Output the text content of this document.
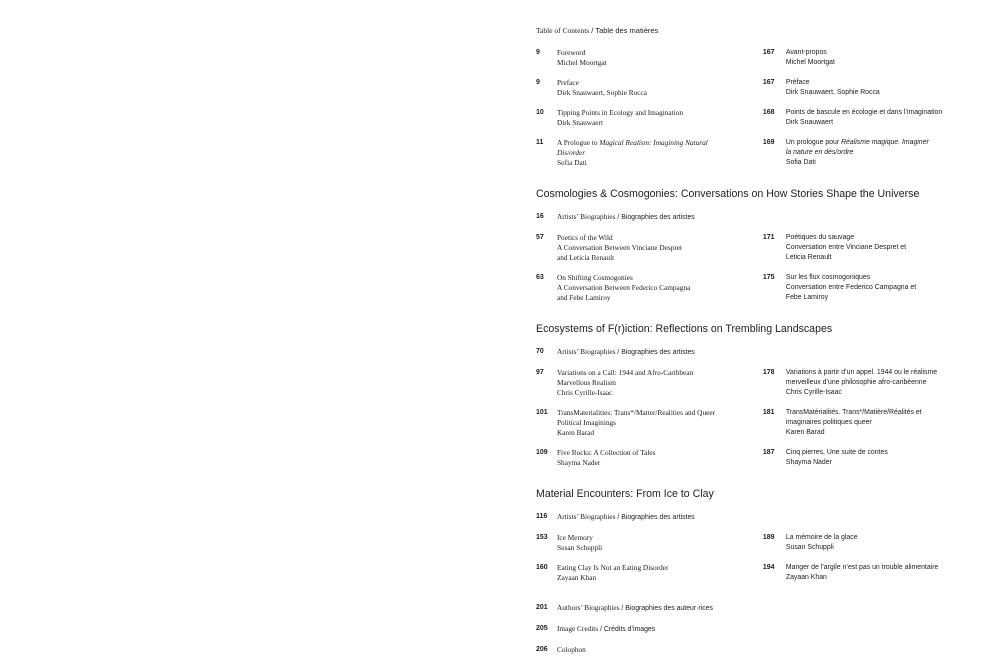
Table of Contents / Table des matières
9	Foreword
Michel Moortgat
167	Avant-propos
Michel Moortgat
9	Preface
Dirk Snauwaert, Sophie Rocca
167	Préface
Dirk Snauwaert, Sophie Rocca
10	Tipping Points in Ecology and Imagination
Dirk Snauwaert
168	Points de bascule en écologie et dans l’imagination
Dirk Snauwaert
11	A Prologue to Magical Realism: Imagining Natural
Dis/order
Sofia Dati
169	Un prologue pour Réalisme magique. Imaginer
la nature en dés/ordre
Sofia Dati
Cosmologies & Cosmogonies: Conversations on How Stories Shape the Universe
16	Artists’ Biographies / Biographies des artistes
57	Poetics of the Wild
A Conversation Between Vinciane Despret
and Leticia Renault
171	Poétiques du sauvage
Conversation entre Vinciane Despret et
Leticia Renault
63	On Shifting Cosmogonies
A Conversation Between Federico Campagna
and Febe Lamiroy
175	Sur les flux cosmogoniques
Conversation entre Federico Campagna et
Febe Lamiroy
Ecosystems of F(r)iction: Reflections on Trembling Landscapes
70	Artists’ Biographies / Biographies des artistes
97	Variations on a Call: 1944 and Afro-Caribbean
Marvellous Realism
Chris Cyrille-Isaac
178	Variations à partir d’un appel. 1944 ou le réalisme
merveilleux d’une philosophie afro-caribéenne
Chris Cyrille-Isaac
101	TransMaterialities: Trans*/Matter/Realities and Queer
Political Imaginings
Karen Barad
181	TransMatérialités. Trans*/Matière/Réalités et
imaginaires politiques queer
Karen Barad
109	Five Rocks: A Collection of Tales
Shayma Nader
187	Cinq pierres. Une suite de contes
Shayma Nader
Material Encounters: From Ice to Clay
116	Artists’ Biographies / Biographies des artistes
153	Ice Memory
Susan Schuppli
189	La mémoire de la glace
Susan Schuppli
160	Eating Clay Is Not an Eating Disorder
Zayaan Khan
194	Manger de l’argile n’est pas un trouble alimentaire
Zayaan Khan
201	Authors’ Biographies / Biographies des auteur·rices
205	Image Credits / Crédits d’images
206	Colophon
